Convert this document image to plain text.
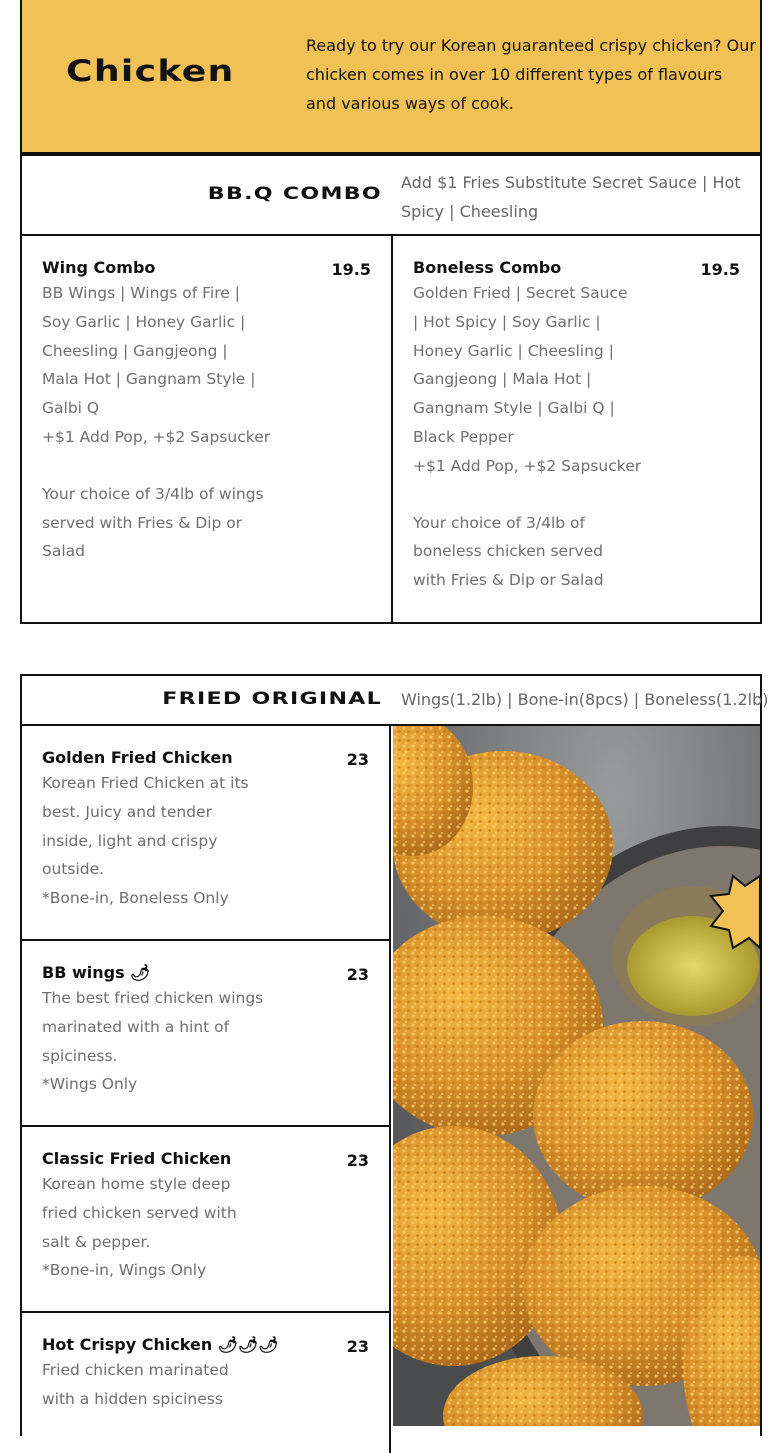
Chicken
Ready to try our Korean guaranteed crispy chicken? Our chicken comes in over 10 different types of flavours and various ways of cook.
BB.Q COMBO
Add $1 Fries Substitute Secret Sauce | Hot Spicy | Cheesling
Wing Combo	19.5
BB Wings | Wings of Fire |
Soy Garlic | Honey Garlic |
Cheesling | Gangjeong |
Mala Hot | Gangnam Style |
Galbi Q
+$1 Add Pop, +$2 Sapsucker
Your choice of 3/4lb of wings
served with Fries & Dip or
Salad
Boneless Combo	19.5
Golden Fried | Secret Sauce
| Hot Spicy | Soy Garlic |
Honey Garlic | Cheesling |
Gangjeong | Mala Hot |
Gangnam Style | Galbi Q |
Black Pepper
+$1 Add Pop, +$2 Sapsucker
Your choice of 3/4lb of
boneless chicken served
with Fries & Dip or Salad
FRIED ORIGINAL Wings(1.2lb) | Bone-in(8pcs) | Boneless(1.2lb)
Golden Fried Chicken	23
Korean Fried Chicken at its
best. Juicy and tender
inside, light and crispy
outside.
*Bone-in, Boneless Only
BB wings 🌶	23
The best fried chicken wings
marinated with a hint of
spiciness.
*Wings Only
Classic Fried Chicken	23
Korean home style deep
fried chicken served with
salt & pepper.
*Bone-in, Wings Only
Hot Crispy Chicken 🌶🌶🌶	23
Fried chicken marinated
with a hidden spiciness
